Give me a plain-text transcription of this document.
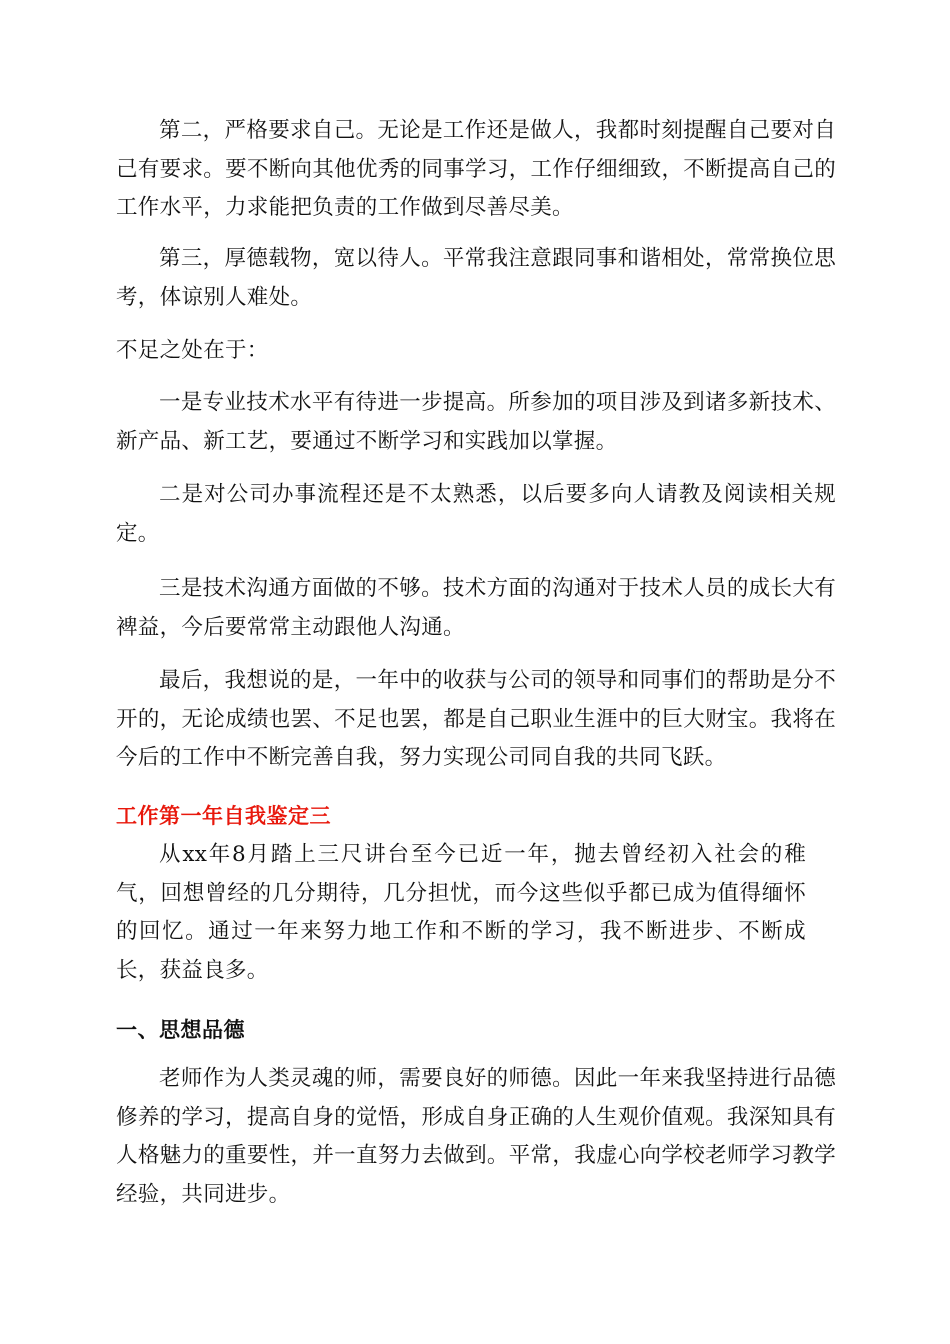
第二，严格要求自己。无论是工作还是做人，我都时刻提醒自己要对自己有要求。要不断向其他优秀的同事学习，工作仔细细致，不断提高自己的工作水平，力求能把负责的工作做到尽善尽美。

第三，厚德载物，宽以待人。平常我注意跟同事和谐相处，常常换位思考，体谅别人难处。

不足之处在于：

一是专业技术水平有待进一步提高。所参加的项目涉及到诸多新技术、新产品、新工艺，要通过不断学习和实践加以掌握。

二是对公司办事流程还是不太熟悉，以后要多向人请教及阅读相关规定。

三是技术沟通方面做的不够。技术方面的沟通对于技术人员的成长大有裨益，今后要常常主动跟他人沟通。

最后，我想说的是，一年中的收获与公司的领导和同事们的帮助是分不开的，无论成绩也罢、不足也罢，都是自己职业生涯中的巨大财宝。我将在今后的工作中不断完善自我，努力实现公司同自我的共同飞跃。

工作第一年自我鉴定三

从xx年8月踏上三尺讲台至今已近一年，抛去曾经初入社会的稚气，回想曾经的几分期待，几分担忧，而今这些似乎都已成为值得缅怀的回忆。通过一年来努力地工作和不断的学习，我不断进步、不断成长，获益良多。

一、思想品德

老师作为人类灵魂的师，需要良好的师德。因此一年来我坚持进行品德修养的学习，提高自身的觉悟，形成自身正确的人生观价值观。我深知具有人格魅力的重要性，并一直努力去做到。平常，我虚心向学校老师学习教学经验，共同进步。
